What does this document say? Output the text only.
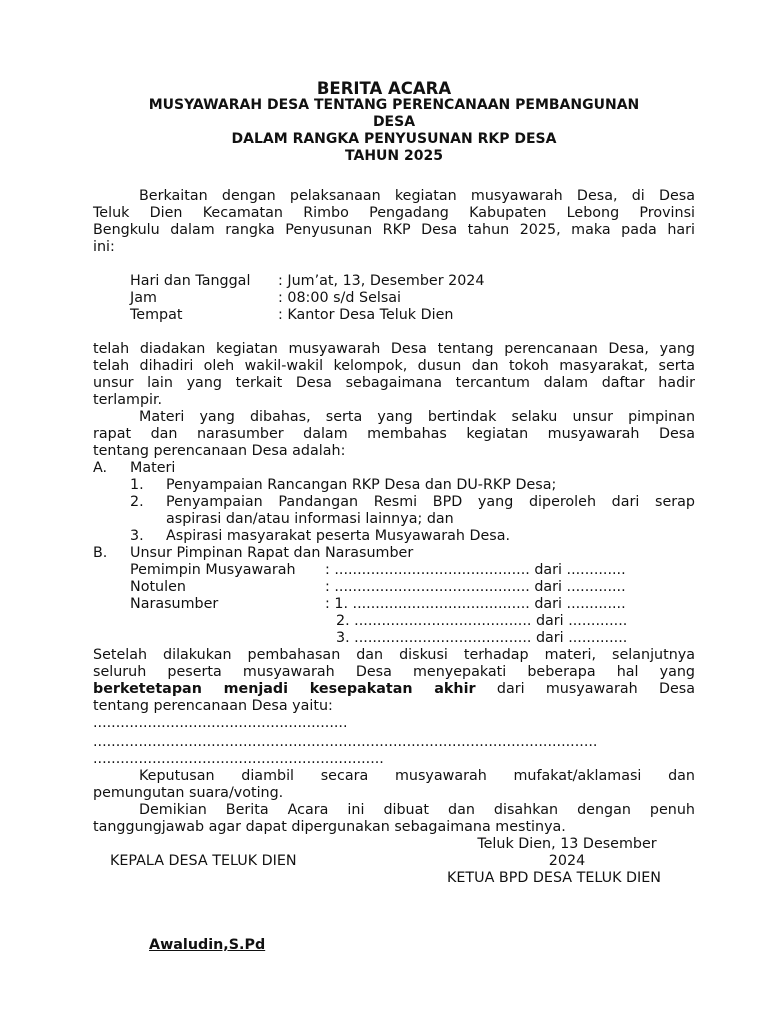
BERITA ACARA

MUSYAWARAH DESA TENTANG PERENCANAAN PEMBANGUNAN

DESA

DALAM RANGKA PENYUSUNAN RKP DESA

TAHUN 2025

Berkaitan dengan pelaksanaan kegiatan musyawarah Desa, di Desa

Teluk Dien Kecamatan Rimbo Pengadang Kabupaten Lebong Provinsi

Bengkulu dalam rangka Penyusunan RKP Desa tahun 2025, maka pada hari

ini:

Hari dan Tanggal : Jum’at, 13, Desember 2024

Jam	: 08:00 s/d Selsai

Tempat	: Kantor Desa Teluk Dien

telah diadakan kegiatan musyawarah Desa tentang perencanaan Desa, yang

telah dihadiri oleh wakil-wakil kelompok, dusun dan tokoh masyarakat, serta

unsur lain yang terkait Desa sebagaimana tercantum dalam daftar hadir

terlampir.

Materi yang dibahas, serta yang bertindak selaku unsur pimpinan

rapat dan narasumber dalam membahas kegiatan musyawarah Desa

tentang perencanaan Desa adalah:

A. Materi

1. Penyampaian Rancangan RKP Desa dan DU-RKP Desa;

2. Penyampaian Pandangan Resmi BPD yang diperoleh dari serap

aspirasi dan/atau informasi lainnya; dan

3. Aspirasi masyarakat peserta Musyawarah Desa.

B. Unsur Pimpinan Rapat dan Narasumber

Pemimpin Musyawarah : ........................................... dari .............

Notulen	: ........................................... dari .............

Narasumber	: 1. ....................................... dari .............

2. ....................................... dari .............

3. ....................................... dari .............

Setelah dilakukan pembahasan dan diskusi terhadap materi, selanjutnya

seluruh peserta musyawarah Desa menyepakati beberapa hal yang

berketetapan menjadi kesepakatan akhir dari musyawarah Desa

tentang perencanaan Desa yaitu:

........................................................

...............................................................................................................

................................................................

Keputusan diambil secara musyawarah mufakat/aklamasi dan

pemungutan suara/voting.

Demikian Berita Acara ini dibuat dan disahkan dengan penuh

tanggungjawab agar dapat dipergunakan sebagaimana mestinya.

Teluk Dien, 13 Desember

2024

KEPALA DESA TELUK DIEN

KETUA BPD DESA TELUK DIEN

Awaludin,S.Pd
